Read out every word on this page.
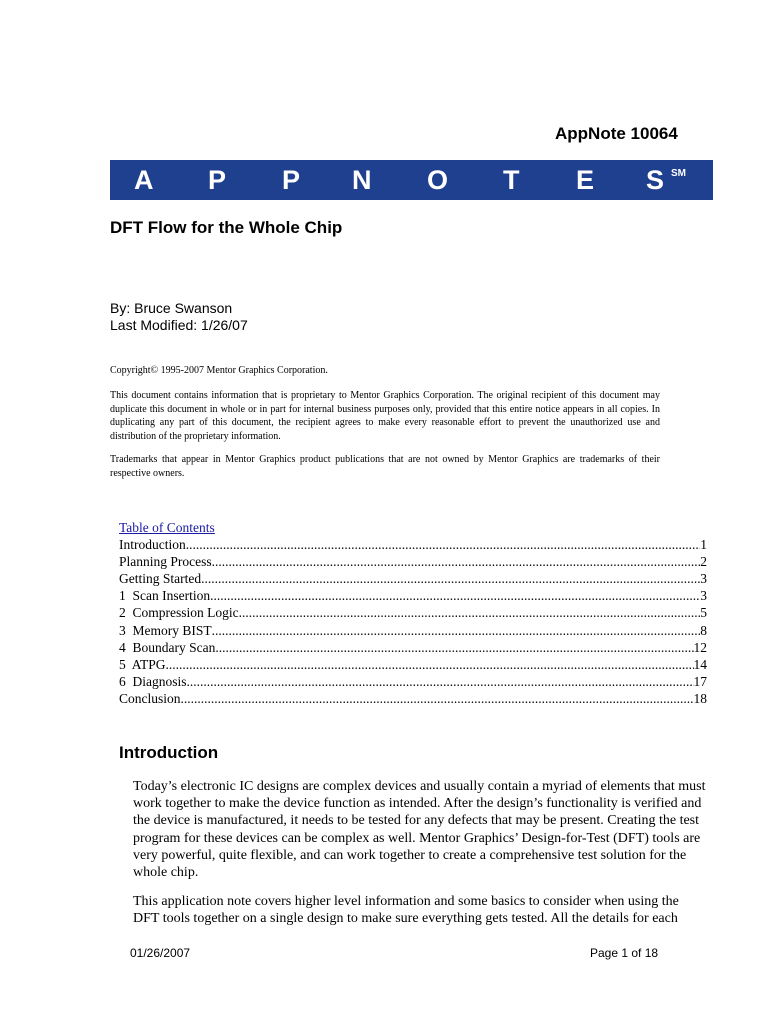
AppNote 10064
A P P N O T E S SM
DFT Flow for the Whole Chip
By: Bruce Swanson
Last Modified: 1/26/07
Copyright© 1995-2007 Mentor Graphics Corporation.
This document contains information that is proprietary to Mentor Graphics Corporation. The original recipient of this document may duplicate this document in whole or in part for internal business purposes only, provided that this entire notice appears in all copies. In duplicating any part of this document, the recipient agrees to make every reasonable effort to prevent the unauthorized use and distribution of the proprietary information.
Trademarks that appear in Mentor Graphics product publications that are not owned by Mentor Graphics are trademarks of their respective owners.
Table of Contents
Introduction .....	1
Planning Process .....	2
Getting Started .....	3
1  Scan Insertion .....	3
2  Compression Logic .....	5
3  Memory BIST .....	8
4  Boundary Scan .....	12
5  ATPG .....	14
6  Diagnosis .....	17
Conclusion .....	18
Introduction
Today’s electronic IC designs are complex devices and usually contain a myriad of elements that must work together to make the device function as intended. After the design’s functionality is verified and the device is manufactured, it needs to be tested for any defects that may be present. Creating the test program for these devices can be complex as well. Mentor Graphics’ Design-for-Test (DFT) tools are very powerful, quite flexible, and can work together to create a comprehensive test solution for the whole chip.
This application note covers higher level information and some basics to consider when using the DFT tools together on a single design to make sure everything gets tested. All the details for each
01/26/2007	Page 1 of 18
